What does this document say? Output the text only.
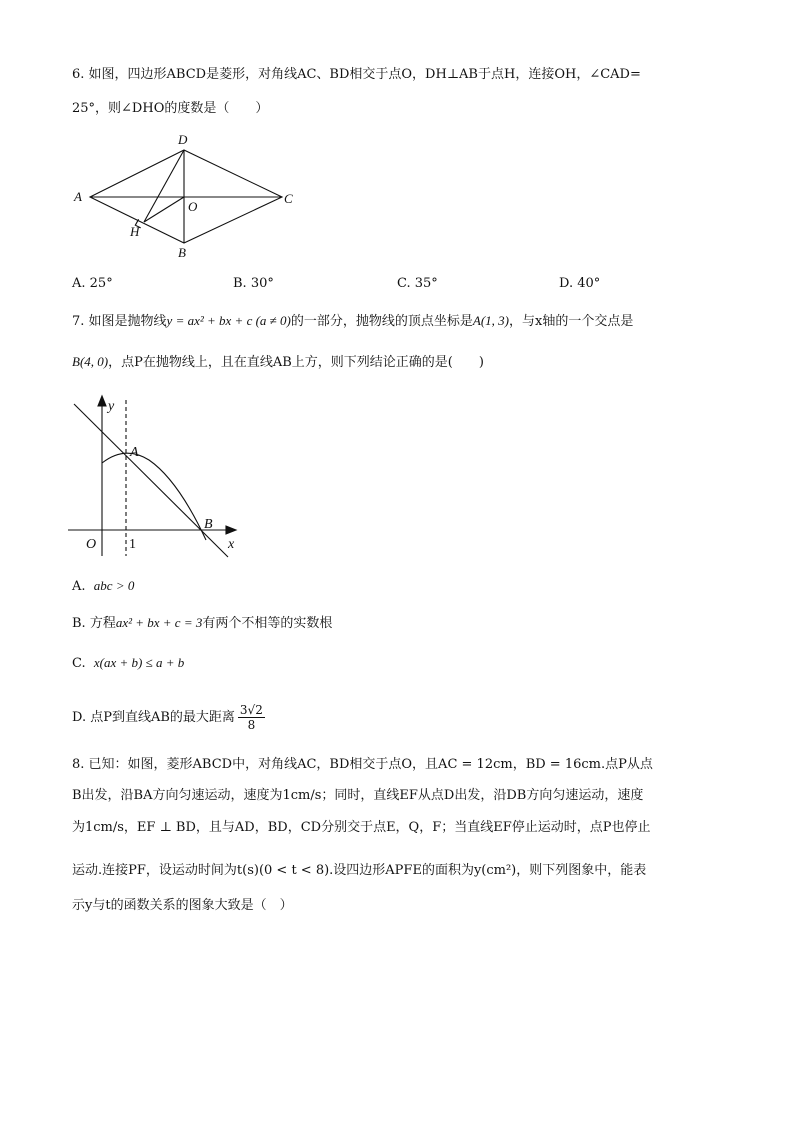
6. 如图，四边形ABCD是菱形，对角线AC、BD相交于点O，DH⊥AB于点H，连接OH，∠CAD=
25°，则∠DHO的度数是（　　）
A
D
C
O
H
B
A. 25°	B. 30°	C. 35°	D. 40°
7. 如图是抛物线y = ax² + bx + c (a ≠ 0)的一部分，抛物线的顶点坐标是A(1, 3)，与x轴的一个交点是
B(4, 0)，点P在抛物线上，且在直线AB上方，则下列结论正确的是(　　)
y
A
B
O 1	x
A. abc > 0
B. 方程ax² + bx + c = 3有两个不相等的实数根
C. x(ax + b) ≤ a + b
D. 点P到直线AB的最大距离 $\frac{3√2}{8}$
8. 已知：如图，菱形ABCD中，对角线AC，BD相交于点O，且AC = 12cm，BD = 16cm.点P从点
B出发，沿BA方向匀速运动，速度为1cm/s；同时，直线EF从点D出发，沿DB方向匀速运动，速度
为1cm/s，EF ⊥ BD，且与AD，BD，CD分别交于点E，Q，F；当直线EF停止运动时，点P也停止
运动.连接PF，设运动时间为t(s)(0 < t < 8).设四边形APFE的面积为y(cm²)，则下列图象中，能表
示y与t的函数关系的图象大致是（　）
